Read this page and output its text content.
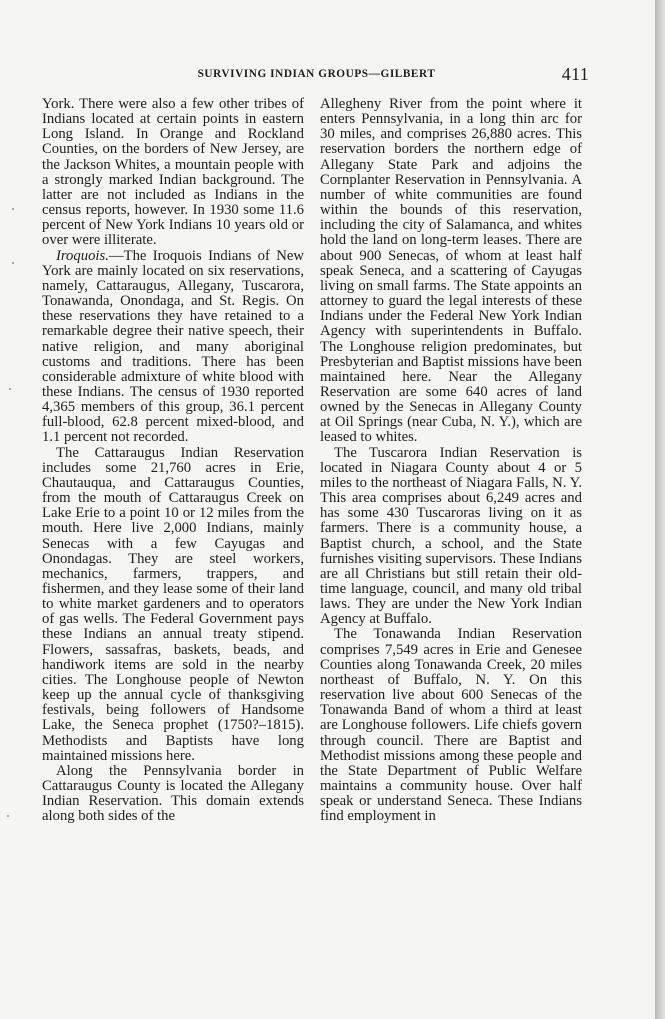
SURVIVING INDIAN GROUPS—GILBERT	411

York. There were also a few other tribes of Indians located at certain points in eastern Long Island. In Orange and Rockland Counties, on the borders of New Jersey, are the Jackson Whites, a mountain people with a strongly marked Indian background. The latter are not included as Indians in the census reports, however. In 1930 some 11.6 percent of New York Indians 10 years old or over were illiterate.

Iroquois.—The Iroquois Indians of New York are mainly located on six reservations, namely, Cattaraugus, Allegany, Tuscarora, Tonawanda, Onondaga, and St. Regis. On these reservations they have retained to a remarkable degree their native speech, their native religion, and many aboriginal customs and traditions. There has been considerable admixture of white blood with these Indians. The census of 1930 reported 4,365 members of this group, 36.1 percent full-blood, 62.8 percent mixed-blood, and 1.1 percent not recorded.

The Cattaraugus Indian Reservation includes some 21,760 acres in Erie, Chautauqua, and Cattaraugus Counties, from the mouth of Cattaraugus Creek on Lake Erie to a point 10 or 12 miles from the mouth. Here live 2,000 Indians, mainly Senecas with a few Cayugas and Onondagas. They are steel workers, mechanics, farmers, trappers, and fishermen, and they lease some of their land to white market gardeners and to operators of gas wells. The Federal Government pays these Indians an annual treaty stipend. Flowers, sassafras, baskets, beads, and handiwork items are sold in the nearby cities. The Longhouse people of Newton keep up the annual cycle of thanksgiving festivals, being followers of Handsome Lake, the Seneca prophet (1750?–1815). Methodists and Baptists have long maintained missions here.

Along the Pennsylvania border in Cattaraugus County is located the Allegany Indian Reservation. This domain extends along both sides of the

Allegheny River from the point where it enters Pennsylvania, in a long thin arc for 30 miles, and comprises 26,880 acres. This reservation borders the northern edge of Allegany State Park and adjoins the Cornplanter Reservation in Pennsylvania. A number of white communities are found within the bounds of this reservation, including the city of Salamanca, and whites hold the land on long-term leases. There are about 900 Senecas, of whom at least half speak Seneca, and a scattering of Cayugas living on small farms. The State appoints an attorney to guard the legal interests of these Indians under the Federal New York Indian Agency with superintendents in Buffalo. The Longhouse religion predominates, but Presbyterian and Baptist missions have been maintained here. Near the Allegany Reservation are some 640 acres of land owned by the Senecas in Allegany County at Oil Springs (near Cuba, N. Y.), which are leased to whites.

The Tuscarora Indian Reservation is located in Niagara County about 4 or 5 miles to the northeast of Niagara Falls, N. Y. This area comprises about 6,249 acres and has some 430 Tuscaroras living on it as farmers. There is a community house, a Baptist church, a school, and the State furnishes visiting supervisors. These Indians are all Christians but still retain their old-time language, council, and many old tribal laws. They are under the New York Indian Agency at Buffalo.

The Tonawanda Indian Reservation comprises 7,549 acres in Erie and Genesee Counties along Tonawanda Creek, 20 miles northeast of Buffalo, N. Y. On this reservation live about 600 Senecas of the Tonawanda Band of whom a third at least are Longhouse followers. Life chiefs govern through council. There are Baptist and Methodist missions among these people and the State Department of Public Welfare maintains a community house. Over half speak or understand Seneca. These Indians find employment in
